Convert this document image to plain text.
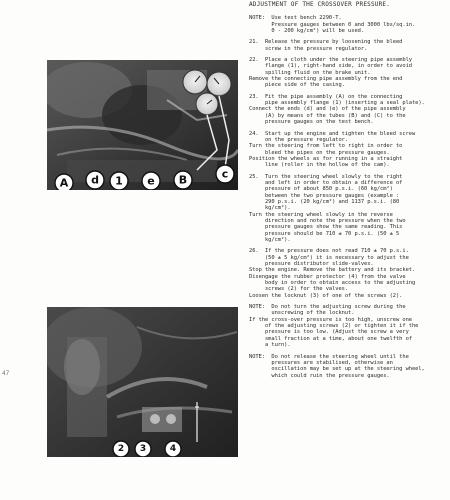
A d 1 e B	c
2 3	4
47
ADJUSTMENT OF THE CROSSOVER PRESSURE.
NOTE:  Use test bench 2290-T.
Pressure gauges between 0 and 3000 lbs/sq.in.
0 - 200 kg/cm²) will be used.
21.  Release the pressure by loosening the bleed
screw in the pressure regulator.
22.  Place a cloth under the steering pipe assembly
flange (1), right-hand side, in order to avoid
spilling fluid on the brake unit.
Remove the connecting pipe assembly from the end
piece side of the casing.
23.  Fit the pipe assembly (A) on the connecting
pipe assembly flange (1) (inserting a seal plate).
Connect the ends (d) and (e) of the pipe assembly
(A) by means of the tubes (B) and (C) to the
pressure gauges on the test bench.
24.  Start up the engine and tighten the bleed screw
on the pressure regulator.
Turn the steering from left to right in order to
bleed the pipes on the pressure gauges.
Position the wheels as for running in a straight
line (roller in the hollow of the cam).
25.  Turn the steering wheel slowly to the right
and left in order to obtain a difference of
pressure of about 850 p.s.i. (60 kg/cm²)
between the two pressure gauges (example :
290 p.s.i. (20 kg/cm²) and 1137 p.s.i. (80
kg/cm²).
Turn the steering wheel slowly in the reverse
direction and note the pressure when the two
pressure gauges show the same reading. This
pressure should be 710 ± 70 p.s.i. (50 ± 5
kg/cm²).
26.  If the pressure does not read 710 ± 70 p.s.i.
(50 ± 5 kg/cm²) it is necessary to adjust the
pressure distributor slide-valves.
Stop the engine. Remove the battery and its bracket.
Disengage the rubber protector (4) from the valve
body in order to obtain access to the adjusting
screws (2) for the valves.
Loosen the locknut (3) of one of the screws (2).
NOTE:  Do not turn the adjusting screw during the
unscrewing of the locknut.
If the cross-over pressure is too high, unscrew one
of the adjusting screws (2) or tighten it if the
pressure is too low. (Adjust the screw a very
small fraction at a time, about one twelfth of
a turn).
NOTE:  Do not release the steering wheel until the
pressures are stabilised, otherwise an
oscillation may be set up at the steering wheel,
which could ruin the pressure gauges.
